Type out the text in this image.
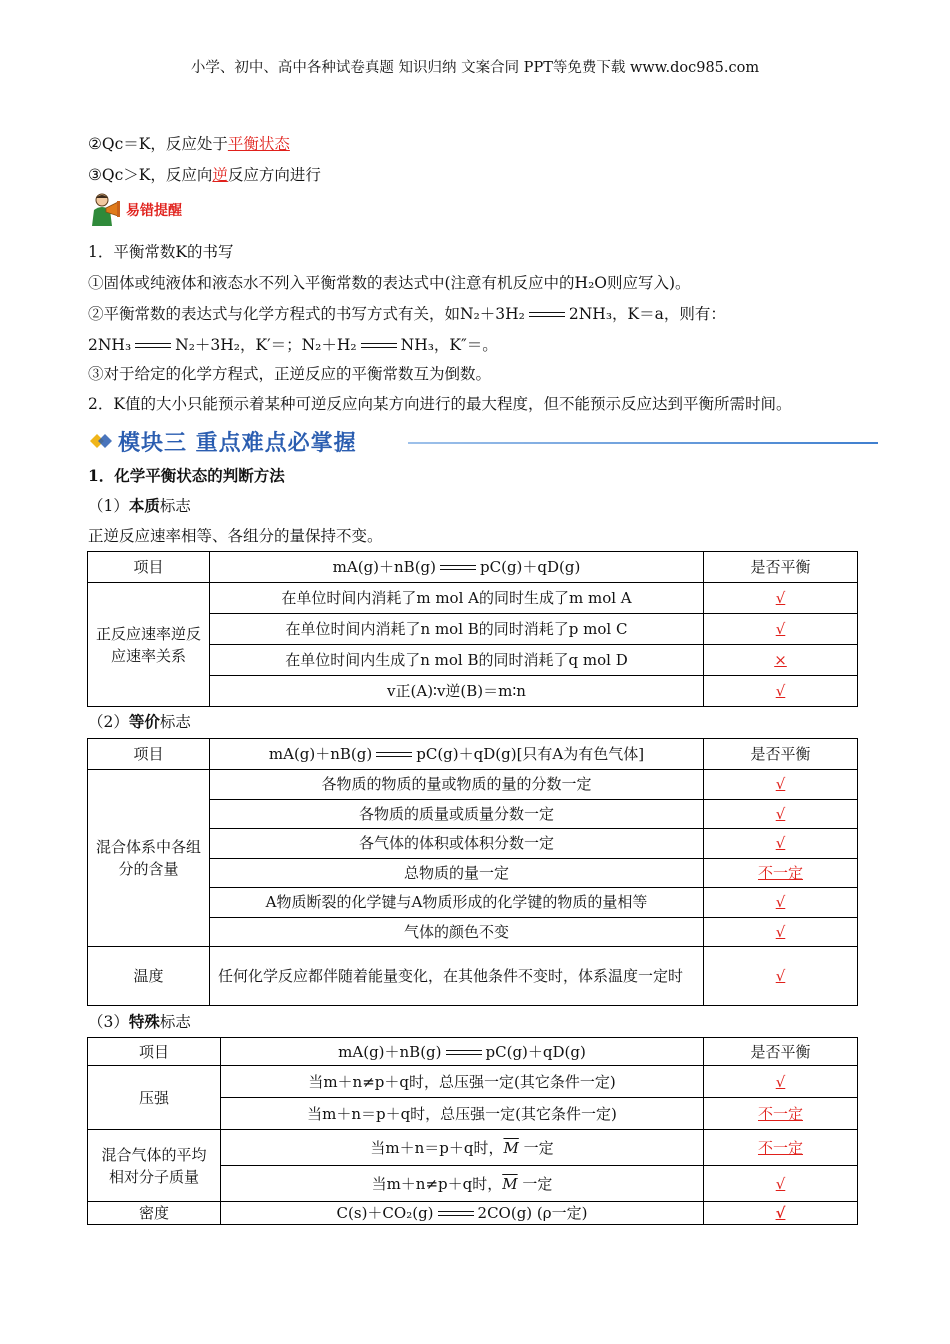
小学、初中、高中各种试卷真题 知识归纳 文案合同 PPT等免费下载 www.doc985.com
②Qc＝K，反应处于平衡状态
③Qc＞K，反应向逆反应方向进行
易错提醒
1．平衡常数K的书写
①固体或纯液体和液态水不列入平衡常数的表达式中(注意有机反应中的H₂O则应写入)。
②平衡常数的表达式与化学方程式的书写方式有关，如N₂＋3H₂	2NH₃，K＝a，则有：
2NH₃	N₂＋3H₂，K′＝；N₂＋H₂	NH₃，K″＝。
③对于给定的化学方程式，正逆反应的平衡常数互为倒数。
2．K值的大小只能预示着某种可逆反应向某方向进行的最大程度，但不能预示反应达到平衡所需时间。
模块三 重点难点必掌握
1．化学平衡状态的判断方法
（1）本质标志
正逆反应速率相等、各组分的量保持不变。
项目	mA(g)＋nB(g) pC(g)＋qD(g)	是否平衡
正反应速率逆反应速率关系	在单位时间内消耗了m mol A的同时生成了m mol A	√
	在单位时间内消耗了n mol B的同时消耗了p mol C	√
	在单位时间内生成了n mol B的同时消耗了q mol D	×
	v正(A)∶v逆(B)＝m∶n	√
（2）等价标志
项目	mA(g)＋nB(g) pC(g)＋qD(g)[只有A为有色气体]	是否平衡
混合体系中各组分的含量	各物质的物质的量或物质的量的分数一定	√
	各物质的质量或质量分数一定	√
	各气体的体积或体积分数一定	√
	总物质的量一定	不一定
	A物质断裂的化学键与A物质形成的化学键的物质的量相等	√
	气体的颜色不变	√
温度	任何化学反应都伴随着能量变化，在其他条件不变时，体系温度一定时	√
（3）特殊标志
项目	mA(g)＋nB(g) pC(g)＋qD(g)	是否平衡
压强	当m＋n≠p＋q时，总压强一定(其它条件一定)	√
	当m＋n＝p＋q时，总压强一定(其它条件一定)	不一定
混合气体的平均相对分子质量	当m＋n＝p＋q时，$\overline{M}$ 一定	不一定
	当m＋n≠p＋q时，$\overline{M}$ 一定	√
密度	C(s)＋CO₂(g) 2CO(g) (ρ一定)	√
